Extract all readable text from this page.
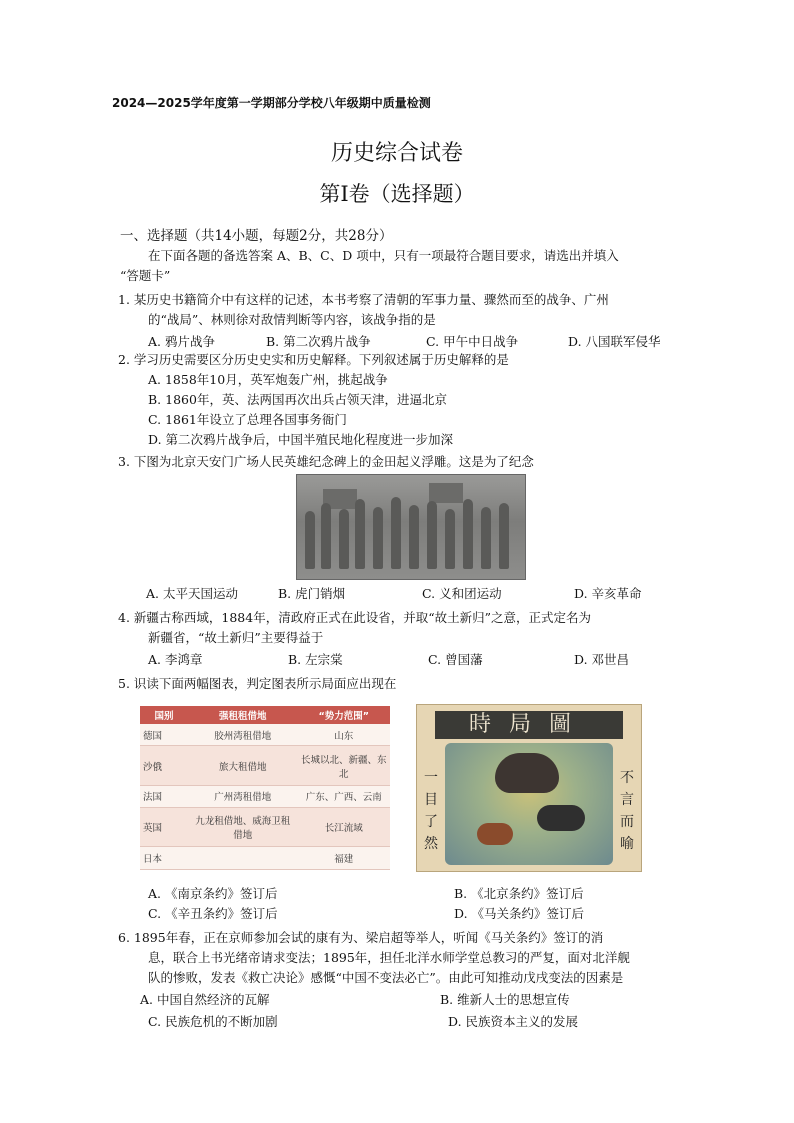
2024—2025学年度第一学期部分学校八年级期中质量检测
历史综合试卷
第Ⅰ卷（选择题）
一、选择题（共14小题，每题2分，共28分）
在下面各题的备选答案 A、B、C、D 项中，只有一项最符合题目要求，请选出并填入
“答题卡”
1. 某历史书籍简介中有这样的记述，本书考察了清朝的军事力量、骤然而至的战争、广州
的“战局”、林则徐对敌情判断等内容，该战争指的是
A. 鸦片战争	B. 第二次鸦片战争	C. 甲午中日战争	D. 八国联军侵华
2. 学习历史需要区分历史史实和历史解释。下列叙述属于历史解释的是
A. 1858年10月，英军炮轰广州，挑起战争
B. 1860年，英、法两国再次出兵占领天津，进逼北京
C. 1861年设立了总理各国事务衙门
D. 第二次鸦片战争后，中国半殖民地化程度进一步加深
3. 下图为北京天安门广场人民英雄纪念碑上的金田起义浮雕。这是为了纪念
A. 太平天国运动	B. 虎门销烟	C. 义和团运动	D. 辛亥革命
4. 新疆古称西域，1884年，清政府正式在此设省，并取“故土新归”之意，正式定名为
新疆省，“故土新归”主要得益于
A. 李鸿章	B. 左宗棠	C. 曾国藩	D. 邓世昌
5. 识读下面两幅图表，判定图表所示局面应出现在
国别	强租租借地	“势力范围”
德国	胶州湾租借地	山东
沙俄	旅大租借地	长城以北、新疆、东北
法国	广州湾租借地	广东、广西、云南
英国	九龙租借地、威海卫租借地	长江流域
日本		福建
時局圖
一目了然
不言而喻
A. 《南京条约》签订后	B. 《北京条约》签订后
C. 《辛丑条约》签订后	D. 《马关条约》签订后
6. 1895年春，正在京师参加会试的康有为、梁启超等举人，听闻《马关条约》签订的消
息，联合上书光绪帝请求变法；1895年，担任北洋水师学堂总教习的严复，面对北洋舰
队的惨败，发表《救亡决论》感慨“中国不变法必亡”。由此可知推动戊戌变法的因素是
A. 中国自然经济的瓦解	B. 维新人士的思想宣传
C. 民族危机的不断加剧	D. 民族资本主义的发展
